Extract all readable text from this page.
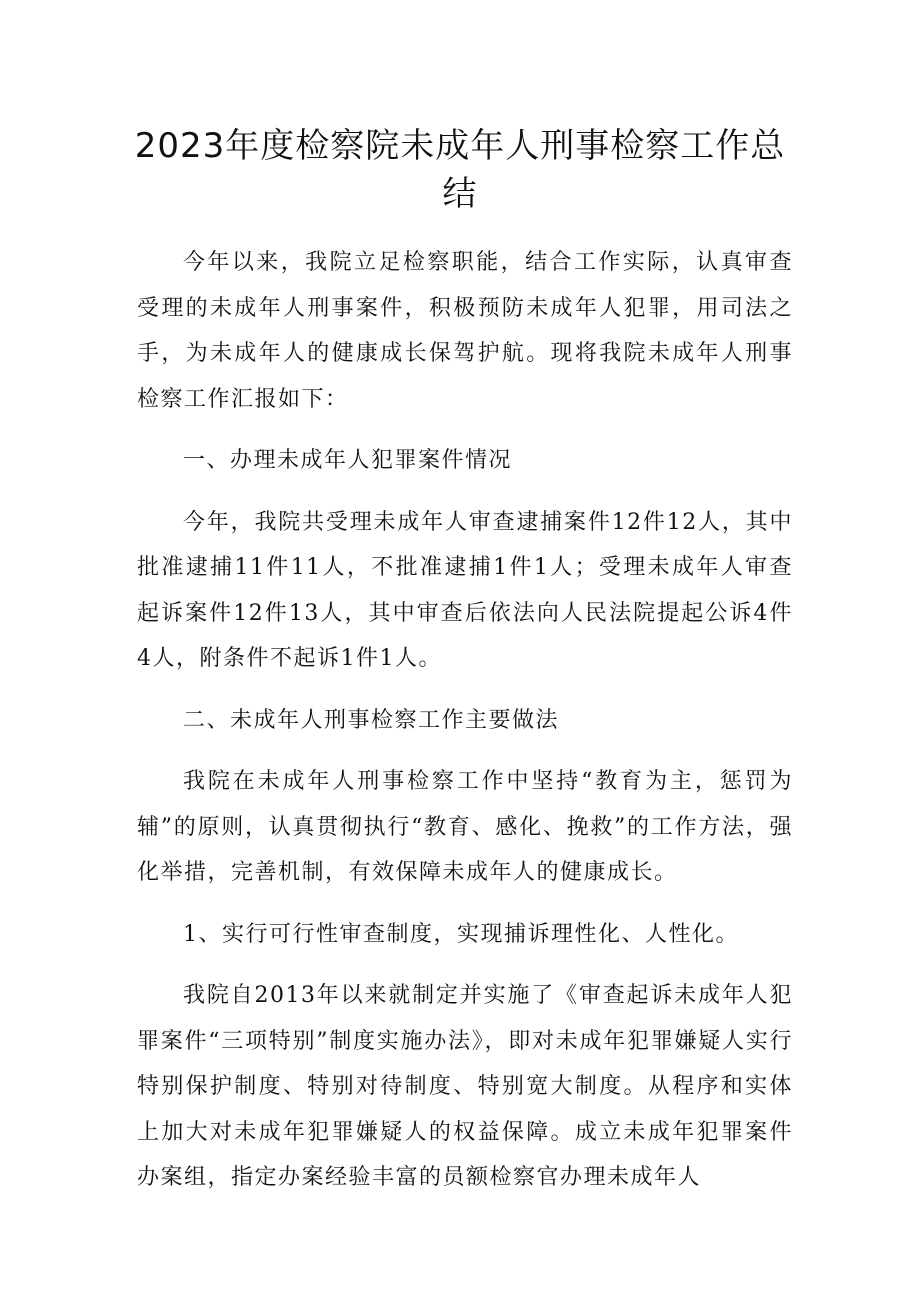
2023年度检察院未成年人刑事检察工作总结

今年以来，我院立足检察职能，结合工作实际，认真审查受理的未成年人刑事案件，积极预防未成年人犯罪，用司法之手，为未成年人的健康成长保驾护航。现将我院未成年人刑事检察工作汇报如下：

一、办理未成年人犯罪案件情况

今年，我院共受理未成年人审查逮捕案件12件12人，其中批准逮捕11件11人，不批准逮捕1件1人；受理未成年人审查起诉案件12件13人，其中审查后依法向人民法院提起公诉4件4人，附条件不起诉1件1人。

二、未成年人刑事检察工作主要做法

我院在未成年人刑事检察工作中坚持“教育为主，惩罚为辅”的原则，认真贯彻执行“教育、感化、挽救”的工作方法，强化举措，完善机制，有效保障未成年人的健康成长。

1、实行可行性审查制度，实现捕诉理性化、人性化。

我院自2013年以来就制定并实施了《审查起诉未成年人犯罪案件“三项特别”制度实施办法》，即对未成年犯罪嫌疑人实行特别保护制度、特别对待制度、特别宽大制度。从程序和实体上加大对未成年犯罪嫌疑人的权益保障。成立未成年犯罪案件办案组，指定办案经验丰富的员额检察官办理未成年人
